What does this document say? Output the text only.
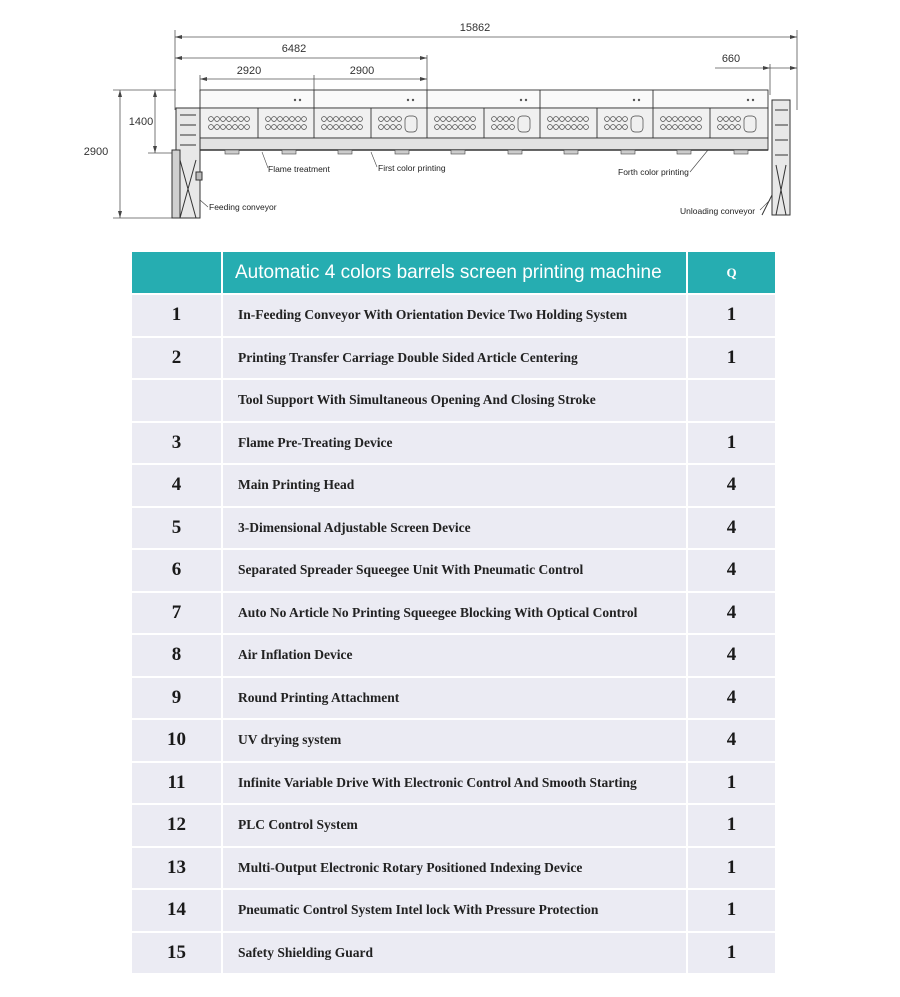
15862
6482
2920	2900
660
1400
2900
Flame treatment	First color printing	Forth color printing
Feeding conveyor	Unloading conveyor
	Automatic 4 colors barrels screen printing machine	Q
1	In-Feeding Conveyor With Orientation Device Two Holding System	1
2	Printing Transfer Carriage Double Sided Article Centering	1
	Tool Support With Simultaneous Opening And Closing Stroke	
3	Flame Pre-Treating Device	1
4	Main Printing Head	4
5	3-Dimensional Adjustable Screen Device	4
6	Separated Spreader Squeegee Unit With Pneumatic Control	4
7	Auto No Article No Printing Squeegee Blocking With Optical Control	4
8	Air Inflation Device	4
9	Round Printing Attachment	4
10	UV drying system	4
11	Infinite Variable Drive With Electronic Control And Smooth Starting	1
12	PLC Control System	1
13	Multi-Output Electronic Rotary Positioned Indexing Device	1
14	Pneumatic Control System Intel lock With Pressure Protection	1
15	Safety Shielding Guard	1
